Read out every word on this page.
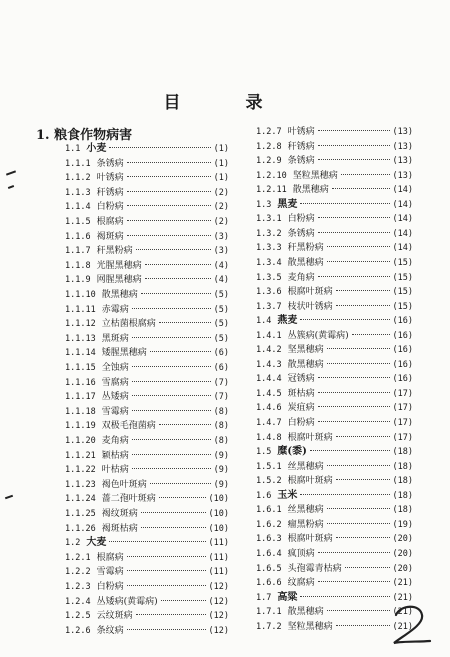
目　录
1. 粮食作物病害
1.1 小麦	(1)
1.1.1 条锈病	(1)
1.1.2 叶锈病	(1)
1.1.3 秆锈病	(2)
1.1.4 白粉病	(2)
1.1.5 根腐病	(2)
1.1.6 褐斑病	(3)
1.1.7 秆黑粉病	(3)
1.1.8 光腥黑穗病	(4)
1.1.9 网腥黑穗病	(4)
1.1.10 散黑穗病	(5)
1.1.11 赤霉病	(5)
1.1.12 立枯菌根腐病	(5)
1.1.13 黑斑病	(5)
1.1.14 矮腥黑穗病	(6)
1.1.15 全蚀病	(6)
1.1.16 雪腐病	(7)
1.1.17 丛矮病	(7)
1.1.18 雪霉病	(8)
1.1.19 双极毛孢菌病	(8)
1.1.20 麦角病	(8)
1.1.21 颖枯病	(9)
1.1.22 叶枯病	(9)
1.1.23 褐色叶斑病	(9)
1.1.24 蔷二孢叶斑病	(10)
1.1.25 褐纹斑病	(10)
1.1.26 褐斑枯病	(10)
1.2 大麦	(11)
1.2.1 根腐病	(11)
1.2.2 雪霉病	(11)
1.2.3 白粉病	(12)
1.2.4 丛矮病(黄霉病)	(12)
1.2.5 云纹斑病	(12)
1.2.6 条纹病	(12)
1.2.7 叶锈病	(13)
1.2.8 秆锈病	(13)
1.2.9 条锈病	(13)
1.2.10 坚粒黑穗病	(13)
1.2.11 散黑穗病	(14)
1.3 黑麦	(14)
1.3.1 白粉病	(14)
1.3.2 条锈病	(14)
1.3.3 秆黑粉病	(14)
1.3.4 散黑穗病	(15)
1.3.5 麦角病	(15)
1.3.6 根腐叶斑病	(15)
1.3.7 枝状叶锈病	(15)
1.4 燕麦	(16)
1.4.1 丛簇病(黄霉病)	(16)
1.4.2 坚黑穗病	(16)
1.4.3 散黑穗病	(16)
1.4.4 冠锈病	(16)
1.4.5 斑枯病	(17)
1.4.6 炭疽病	(17)
1.4.7 白粉病	(17)
1.4.8 根腐叶斑病	(17)
1.5 糜(黍)	(18)
1.5.1 丝黑穗病	(18)
1.5.2 根腐叶斑病	(18)
1.6 玉米	(18)
1.6.1 丝黑穗病	(18)
1.6.2 瘤黑粉病	(19)
1.6.3 根腐叶斑病	(20)
1.6.4 疯顶病	(20)
1.6.5 头孢霉青枯病	(20)
1.6.6 纹腐病	(21)
1.7 高粱	(21)
1.7.1 散黑穗病	(21)
1.7.2 坚粒黑穗病	(21)
